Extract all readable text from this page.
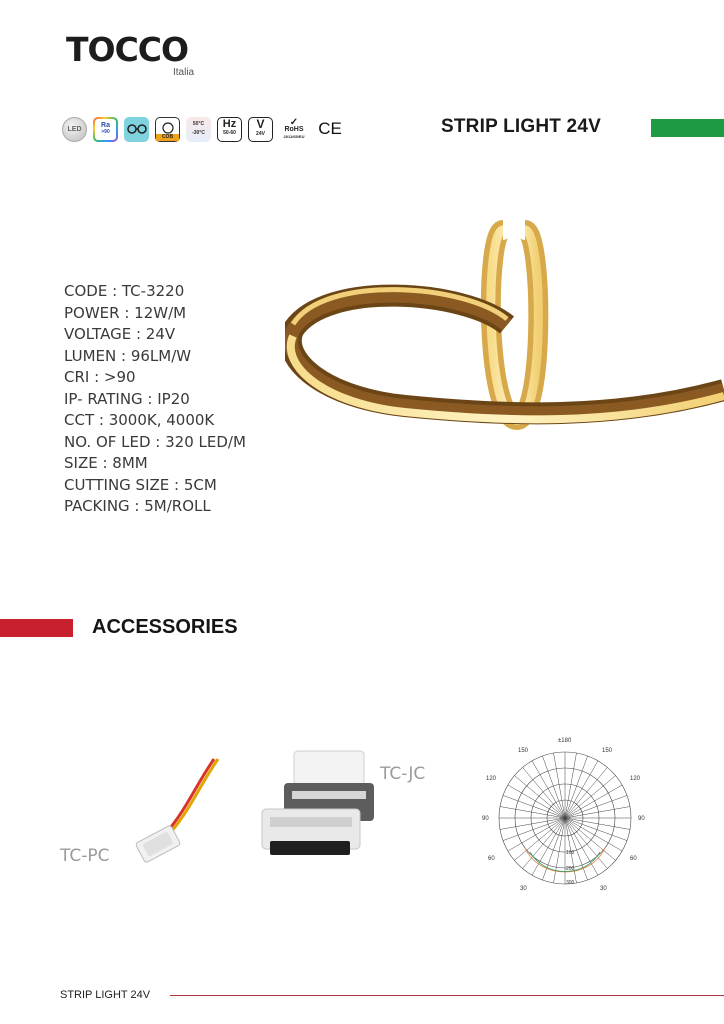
TOCCO
Italia
LED	Ra
>90
COB
50°C
-30°C
Hz
50-60
V
24V
✓
RoHS
2011/65/EU CE	STRIP LIGHT 24V
CODE : TC-3220
POWER : 12W/M
VOLTAGE : 24V
LUMEN : 96LM/W
CRI : >90
IP- RATING : IP20
CCT : 3000K, 4000K
NO. OF LED : 320 LED/M
SIZE : 8MM
CUTTING SIZE : 5CM
PACKING : 5M/ROLL
ACCESSORIES
TC-PC
TC-JC
±180
150	150
120	120
90	90
60	60
30	30
100
200
300
STRIP LIGHT 24V
